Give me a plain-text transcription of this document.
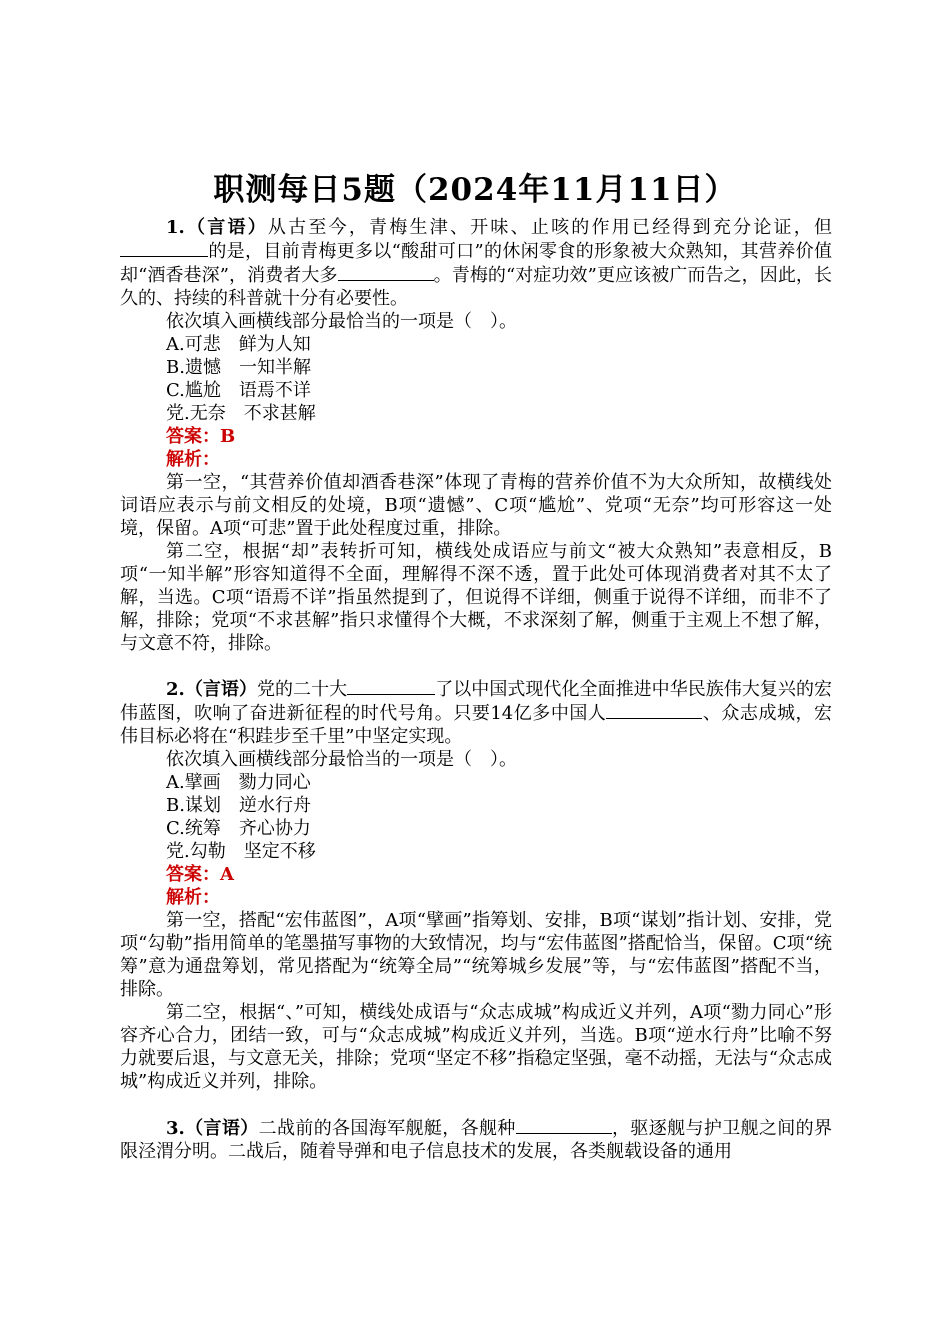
职测每日5题（2024年11月11日）

1.（言语）从古至今，青梅生津、开味、止咳的作用已经得到充分论证，但的是，目前青梅更多以“酸甜可口”的休闲零食的形象被大众熟知，其营养价值却“酒香巷深”，消费者大多	。青梅的“对症功效”更应该被广而告之，因此，长久的、持续的科普就十分有必要性。

依次填入画横线部分最恰当的一项是（　）。

A.可悲　鲜为人知

B.遗憾　一知半解

C.尴尬　语焉不详

党.无奈　不求甚解

答案：B

解析：

第一空，“其营养价值却酒香巷深”体现了青梅的营养价值不为大众所知，故横线处词语应表示与前文相反的处境，B项“遗憾”、C项“尴尬”、党项“无奈”均可形容这一处境，保留。A项“可悲”置于此处程度过重，排除。

第二空，根据“却”表转折可知，横线处成语应与前文“被大众熟知”表意相反，B项“一知半解”形容知道得不全面，理解得不深不透，置于此处可体现消费者对其不太了解，当选。C项“语焉不详”指虽然提到了，但说得不详细，侧重于说得不详细，而非不了解，排除；党项“不求甚解”指只求懂得个大概，不求深刻了解，侧重于主观上不想了解，与文意不符，排除。

2.（言语）党的二十大	了以中国式现代化全面推进中华民族伟大复兴的宏伟蓝图，吹响了奋进新征程的时代号角。只要14亿多中国人	、众志成城，宏伟目标必将在“积跬步至千里”中坚定实现。

依次填入画横线部分最恰当的一项是（　）。

A.擘画　勠力同心

B.谋划　逆水行舟

C.统筹　齐心协力

党.勾勒　坚定不移

答案：A

解析：

第一空，搭配“宏伟蓝图”，A项“擘画”指筹划、安排，B项“谋划”指计划、安排，党项“勾勒”指用简单的笔墨描写事物的大致情况，均与“宏伟蓝图”搭配恰当，保留。C项“统筹”意为通盘筹划，常见搭配为“统筹全局”“统筹城乡发展”等，与“宏伟蓝图”搭配不当，排除。

第二空，根据“、”可知，横线处成语与“众志成城”构成近义并列，A项“勠力同心”形容齐心合力，团结一致，可与“众志成城”构成近义并列，当选。B项“逆水行舟”比喻不努力就要后退，与文意无关，排除；党项“坚定不移”指稳定坚强，毫不动摇，无法与“众志成城”构成近义并列，排除。

3.（言语）二战前的各国海军舰艇，各舰种	，驱逐舰与护卫舰之间的界限泾渭分明。二战后，随着导弹和电子信息技术的发展，各类舰载设备的通用
